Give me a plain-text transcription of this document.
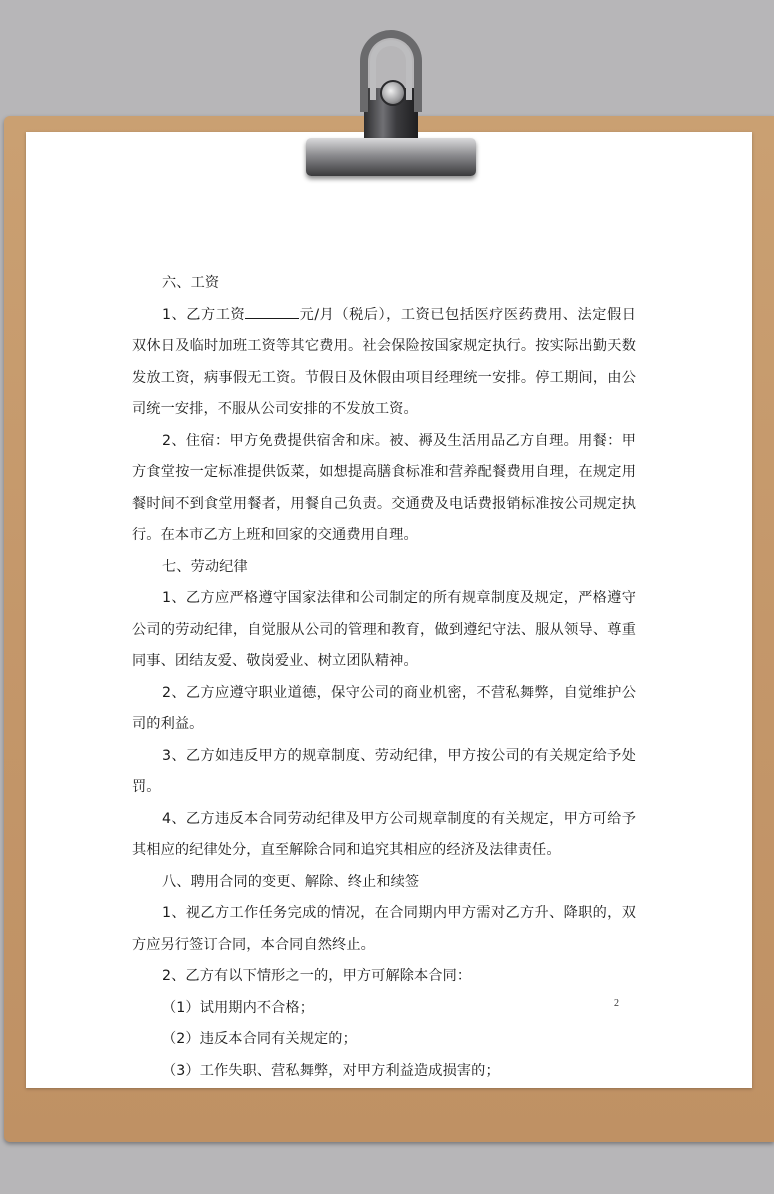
六、工资

1、乙方工资	元/月（税后），工资已包括医疗医药费用、法定假日双休日及临时加班工资等其它费用。社会保险按国家规定执行。按实际出勤天数发放工资，病事假无工资。节假日及休假由项目经理统一安排。停工期间，由公司统一安排，不服从公司安排的不发放工资。

2、住宿：甲方免费提供宿舍和床。被、褥及生活用品乙方自理。用餐：甲方食堂按一定标准提供饭菜，如想提高膳食标准和营养配餐费用自理，在规定用餐时间不到食堂用餐者，用餐自己负责。交通费及电话费报销标准按公司规定执行。在本市乙方上班和回家的交通费用自理。

七、劳动纪律

1、乙方应严格遵守国家法律和公司制定的所有规章制度及规定，严格遵守公司的劳动纪律，自觉服从公司的管理和教育，做到遵纪守法、服从领导、尊重同事、团结友爱、敬岗爱业、树立团队精神。

2、乙方应遵守职业道德，保守公司的商业机密，不营私舞弊，自觉维护公司的利益。

3、乙方如违反甲方的规章制度、劳动纪律，甲方按公司的有关规定给予处罚。

4、乙方违反本合同劳动纪律及甲方公司规章制度的有关规定，甲方可给予其相应的纪律处分，直至解除合同和追究其相应的经济及法律责任。

八、聘用合同的变更、解除、终止和续签

1、视乙方工作任务完成的情况，在合同期内甲方需对乙方升、降职的，双方应另行签订合同，本合同自然终止。

2、乙方有以下情形之一的，甲方可解除本合同：

（1）试用期内不合格；

（2）违反本合同有关规定的；

（3）工作失职、营私舞弊，对甲方利益造成损害的；

2
